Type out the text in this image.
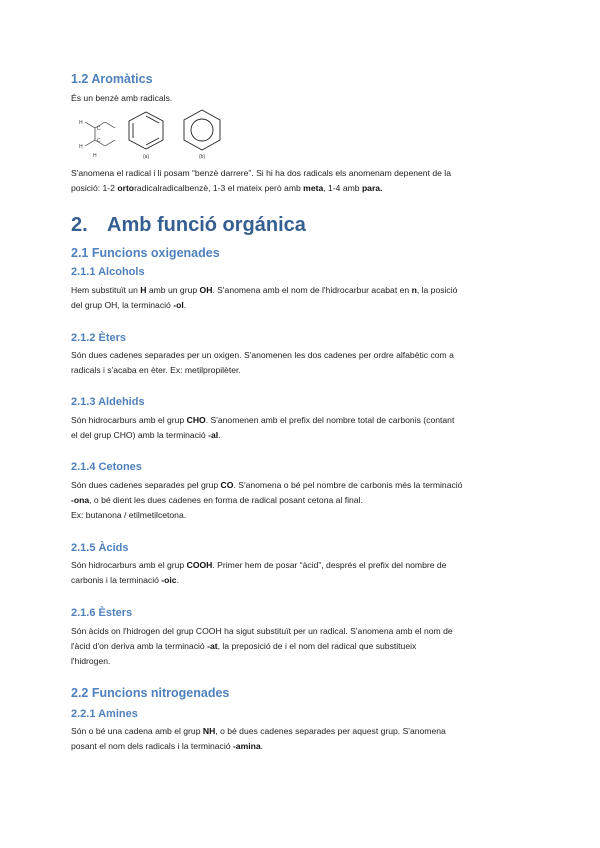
1.2 Aromàtics
És un benzè amb radicals.
H
H
C
C
H	(a)	(b)
S'anomena el radical i li posam “benzè darrere”. Si hi ha dos radicals els anomenam depenent de la
posició: 1-2 ortoradicalradicalbenzè, 1-3 el mateix però amb meta, 1-4 amb para.
2. Amb funció orgánica
2.1 Funcions oxigenades
2.1.1 Alcohols
Hem substituït un H amb un grup OH. S'anomena amb el nom de l'hidrocarbur acabat en n, la posició
del grup OH, la terminació -ol.
2.1.2 Èters
Són dues cadenes separades per un oxigen. S'anomenen les dos cadenes per ordre alfabètic com a
radicals i s'acaba en èter. Ex: metilpropilèter.
2.1.3 Aldehids
Són hidrocarburs amb el grup CHO. S'anomenen amb el prefix del nombre total de carbonis (contant
el del grup CHO) amb la terminació -al.
2.1.4 Cetones
Són dues cadenes separades pel grup CO. S'anomena o bé pel nombre de carbonis més la terminació
-ona, o bé dient les dues cadenes en forma de radical posant cetona al final.
Ex: butanona / etilmetilcetona.
2.1.5 Àcids
Són hidrocarburs amb el grup COOH. Primer hem de posar “àcid”, després el prefix del nombre de
carbonis i la terminació -oic.
2.1.6 Èsters
Són àcids on l'hidrogen del grup COOH ha sigut substituït per un radical. S'anomena amb el nom de
l'àcid d'on deriva amb la terminació -at, la preposició de i el nom del radical que substitueix
l'hidrogen.
2.2 Funcions nitrogenades
2.2.1 Amines
Són o bé una cadena amb el grup NH, o bé dues cadenes separades per aquest grup. S'anomena
posant el nom dels radicals i la terminació -amina.
